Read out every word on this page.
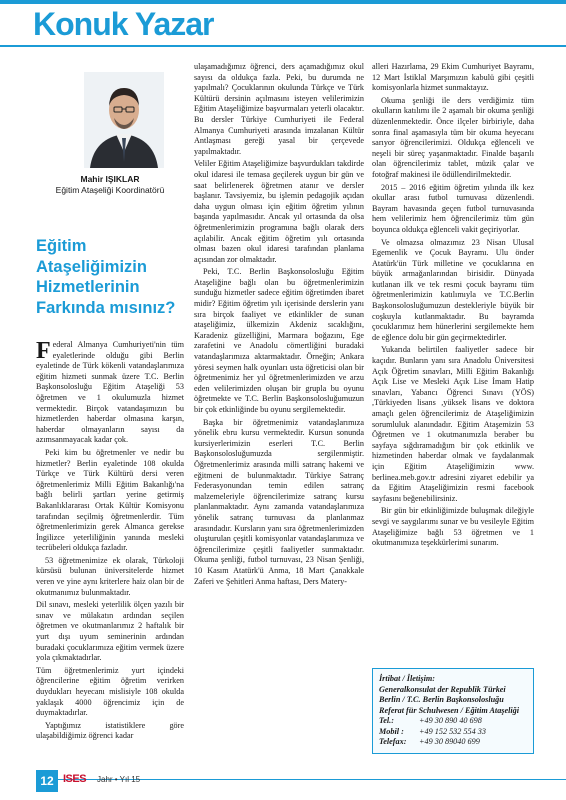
Konuk Yazar
Mahir IŞIKLAR
Eğitim Ataşeliği Koordinatörü
Eğitim Ataşeliğimizin Hizmetlerinin Farkında mısınız?

Federal Almanya Cumhuriyeti'nin tüm eyaletlerinde olduğu gibi Berlin eyaletinde de Türk kökenli vatandaşlarımıza eğitim hizmeti sunmak üzere T.C. Berlin Başkonsolosluğu Eğitim Ataşeliği 53 öğretmen ve 1 okulumuzla hizmet vermektedir. Birçok vatandaşımızın bu hizmetlerden haberdar olmasına karşın, haberdar olmayanların sayısı da azımsanmayacak kadar çok.

Peki kim bu öğretmenler ve nedir bu hizmetler? Berlin eyaletinde 108 okulda Türkçe ve Türk Kültürü dersi veren öğretmenlerimiz Milli Eğitim Bakanlığı'na bağlı belirli şartları yerine getirmiş Bakanlıklararası Ortak Kültür Komisyonu tarafından seçilmiş öğretmenlerdir. Tüm öğretmenlerimizin gerek Almanca gerekse İngilizce yeterliliğinin yanında mesleki tecrübeleri oldukça fazladır.

53 öğretmenimize ek olarak, Türkoloji kürsüsü bulunan üniversitelerde hizmet veren ve yine aynı kriterlere haiz olan bir de okutmanımız bulunmaktadır.

Dil sınavı, mesleki yeterlilik ölçen yazılı bir sınav ve mülakatın ardından seçilen öğretmen ve okutmanlarımız 2 haftalık bir yurt dışı uyum seminerinin ardından buradaki çocuklarımıza eğitim vermek üzere yola çıkmaktadırlar.

Tüm öğretmenlerimiz yurt içindeki öğrencilerine eğitim öğretim verirken duydukları heyecanı mislisiyle 108 okulda yaklaşık 4000 öğrencimiz için de duymaktadırlar.

Yaptığımız istatistiklere göre ulaşabildiğimiz öğrenci kadar

ulaşamadığımız öğrenci, ders açamadığımız okul sayısı da oldukça fazla. Peki, bu durumda ne yapılmalı? Çocuklarının okulunda Türkçe ve Türk Kültürü dersinin açılmasını isteyen velilerimizin Eğitim Ataşeliğimize başvurmaları yeterli olacaktır. Bu dersler Türkiye Cumhuriyeti ile Federal Almanya Cumhuriyeti arasında imzalanan Kültür Antlaşması gereği yasal bir çerçevede yapılmaktadır.

Veliler Eğitim Ataşeliğimize başvurdukları takdirde okul idaresi ile temasa geçilerek uygun bir gün ve saat belirlenerek öğretmen atanır ve dersler başlanır. Tavsiyemiz, bu işlemin pedagojik açıdan daha uygun olması için eğitim öğretim yılının başında yapılmasıdır. Ancak yıl ortasında da olsa öğretmenlerimizin programına bağlı olarak ders açılabilir. Ancak eğitim öğretim yılı ortasında olması bazen okul idaresi tarafından planlama açısından zor olmaktadır.

Peki, T.C. Berlin Başkonsolosluğu Eğitim Ataşeliğine bağlı olan bu öğretmenlerimizin sunduğu hizmetler sadece eğitim öğretimden ibaret midir? Eğitim öğretim yılı içerisinde derslerin yanı sıra birçok faaliyet ve etkinlikler de sunan ataşeliğimiz, ülkemizin Akdeniz sıcaklığını, Karadeniz güzelliğini, Marmara boğazını, Ege zarafetini ve Anadolu cömertliğini buradaki vatandaşlarımıza aktarmaktadır. Örneğin; Ankara yöresi seymen halk oyunları usta öğreticisi olan bir öğretmenimiz her yıl öğretmenlerimizden ve arzu eden velilerimizden oluşan bir grupla bu oyunu öğretmekte ve T.C. Berlin Başkonsolosluğumuzun bir çok etkinliğinde bu oyunu sergilemektedir.

Başka bir öğretmenimiz vatandaşlarımıza yönelik ebru kursu vermektedir. Kursun sonunda kursiyerlerimizin eserleri T.C. Berlin Başkonsolosluğumuzda sergilenmiştir. Öğretmenlerimiz arasında milli satranç hakemi ve eğitmeni de bulunmaktadır. Türkiye Satranç Federasyonundan temin edilen satranç malzemeleriyle öğrencilerimize satranç kursu planlanmaktadır. Aynı zamanda vatandaşlarımıza yönelik satranç turnuvası da planlanmaz arasındadır. Kursların yanı sıra öğretmenlerimizden oluşturulan çeşitli komisyonlar vatandaşlarımıza ve öğrencilerimize çeşitli faaliyetler sunmaktadır. Okuma şenliği, futbol turnuvası, 23 Nisan Şenliği, 10 Kasım Atatürk'ü Anma, 18 Mart Çanakkale Zaferi ve Şehitleri Anma haftası, Ders Matery-

alleri Hazırlama, 29 Ekim Cumhuriyet Bayramı, 12 Mart İstiklal Marşımızın kabulü gibi çeşitli komisyonlarla hizmet sunmaktayız.

Okuma şenliği ile ders verdiğimiz tüm okulların katılımı ile 2 aşamalı bir okuma şenliği düzenlenmektedir. Önce ilçeler birbiriyle, daha sonra final aşamasıyla tüm bir okuma heyecanı sarıyor öğrencilerimizi. Oldukça eğlenceli ve neşeli bir süreç yaşanmaktadır. Finalde başarılı olan öğrencilerimiz tablet, müzik çalar ve fotoğraf makinesi ile ödüllendirilmektedir.

2015 – 2016 eğitim öğretim yılında ilk kez okullar arası futbol turnuvası düzenlendi. Bayram havasında geçen futbol turnuvasında hem velilerimiz hem öğrencilerimiz tüm gün boyunca oldukça eğlenceli vakit geçiriyorlar.

Ve olmazsa olmazımız 23 Nisan Ulusal Egemenlik ve Çocuk Bayramı. Ulu önder Atatürk'ün Türk milletine ve çocuklarına en büyük armağanlarından birisidir. Dünyada kutlanan ilk ve tek resmi çocuk bayramı tüm öğretmenlerimizin katılımıyla ve T.C.Berlin Başkonsolosluğumuzun destekleriyle büyük bir coşkuyla kutlanmaktadır. Bu bayramda çocuklarımız hem hünerlerini sergilemekte hem de eğlence dolu bir gün geçirmektedirler.

Yukarıda belirtilen faaliyetler sadece bir kaçıdır. Bunların yanı sıra Anadolu Üniversitesi Açık Öğretim sınavları, Milli Eğitim Bakanlığı Açık Lise ve Mesleki Açık Lise İmam Hatip sınavları, Yabancı Öğrenci Sınavı (YÖS) ,Türkiyeden lisans ,yüksek lisans ve doktora amaçlı gelen öğrencilerimiz de Ataşeliğimizin sorumluluk alanındadır. Eğitim Ataşemizin 53 Öğretmen ve 1 okutmanımızla beraber bu sayfaya sığdıramadığım bir çok etkinlik ve hizmetinden haberdar olmak ve faydalanmak için Eğitim Ataşeliğimizin www. berlinea.meb.gov.tr adresini ziyaret edebilir ya da Eğitim Ataşeliğimizin resmi facebook sayfasını beğenebilirsiniz.

Bir gün bir etkinliğimizde buluşmak dileğiyle sevgi ve saygılarımı sunar ve bu vesileyle Eğitim Ataşeliğimize bağlı 53 öğretmen ve 1 okutmanımıza teşekkürlerimi sunarım.

İrtibat / İletişim:
Generalkonsulat der Republik Türkei Berlin / T.C. Berlin Başkonsolosluğu Referat für Schulwesen / Eğitim Ataşeliği
Tel.:	+49 30 890 40 698
Mobil :	+49 152 532 554 33
Telefax:	+49 30 89040 699
12 ISES Jahr • Yıl 15
